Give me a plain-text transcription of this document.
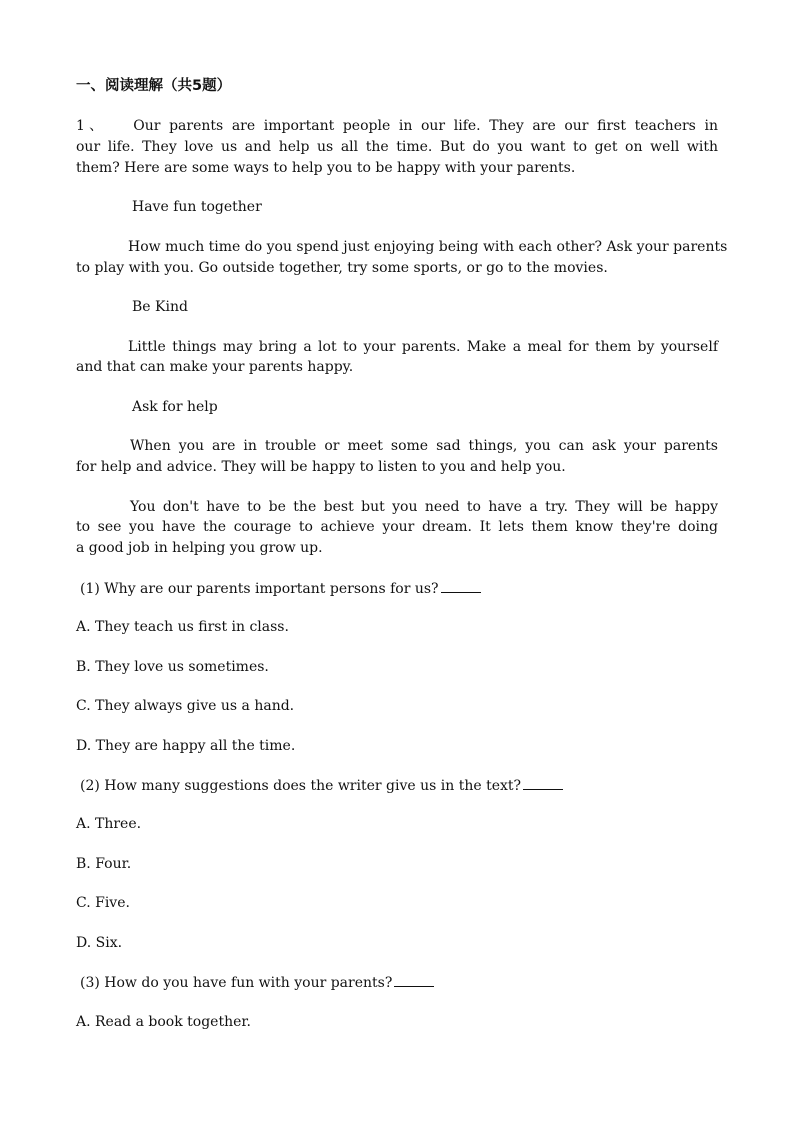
一、阅读理解（共5题）
1、 Our parents are important people in our life. They are our first teachers in
our life. They love us and help us all the time. But do you want to get on well with
them? Here are some ways to help you to be happy with your parents.
Have fun together
How much time do you spend just enjoying being with each other? Ask your parents
to play with you. Go outside together, try some sports, or go to the movies.
Be Kind
Little things may bring a lot to your parents. Make a meal for them by yourself
and that can make your parents happy.
Ask for help
When you are in trouble or meet some sad things, you can ask your parents
for help and advice. They will be happy to listen to you and help you.
You don't have to be the best but you need to have a try. They will be happy
to see you have the courage to achieve your dream. It lets them know they're doing
a good job in helping you grow up.
(1) Why are our parents important persons for us?
A. They teach us first in class.
B. They love us sometimes.
C. They always give us a hand.
D. They are happy all the time.
(2) How many suggestions does the writer give us in the text?
A. Three.
B. Four.
C. Five.
D. Six.
(3) How do you have fun with your parents?
A. Read a book together.
